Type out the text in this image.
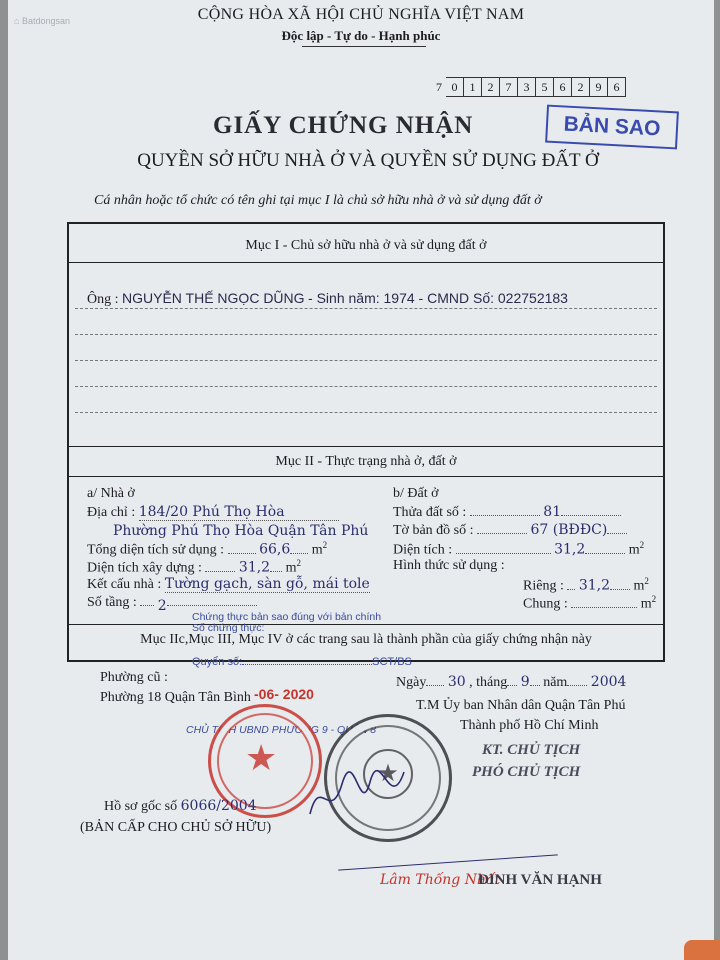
⌂ Batdongsan	CỘNG HÒA XÃ HỘI CHỦ NGHĨA VIỆT NAM
Độc lập - Tự do - Hạnh phúc
7 0 1 2 7 3 5 6 2 9 6
GIẤY CHỨNG NHẬN	BẢN SAO
QUYỀN SỞ HỮU NHÀ Ở VÀ QUYỀN SỬ DỤNG ĐẤT Ở
Cá nhân hoặc tổ chức có tên ghi tại mục I là chủ sở hữu nhà ở và sử dụng đất ở
Mục I - Chủ sở hữu nhà ở và sử dụng đất ở
Ông : NGUYỄN THẾ NGỌC DŨNG - Sinh năm: 1974 - CMND Số: 022752183
Mục II - Thực trạng nhà ở, đất ở
a/ Nhà ở
Địa chỉ : 184/20 Phú Thọ Hòa
Phường Phú Thọ Hòa Quận Tân Phú
Tổng diện tích sử dụng :  66,6 $m^2$
Diện tích xây dựng :  31,2 $m^2$
Kết cấu nhà : Tường gạch, sàn gỗ, mái tole
Số tầng :  2
b/ Đất ở
Thửa đất số :	81
Tờ bản đồ số :	67 (BĐĐC)
Diện tích :	31,2	$m^2$
Hình thức sử dụng :
Riêng :  31,2 $m^2$
Chung :	$m^2$
Mục IIc,Mục III, Mục IV ở các trang sau là thành phần của giấy chứng nhận này
Chứng thực bản sao đúng với bản chính
Số chứng thực:
Quyển số:	SCT/BS
Phường cũ :
Phường 18 Quận Tân Bình -06- 2020
CHỦ TỊCH UBND PHƯỜNG 9 - QUẬN 8
Ngày 30 , tháng 9 năm 2004
T.M Ủy ban Nhân dân Quận Tân Phú
Thành phố Hồ Chí Minh
KT. CHỦ TỊCH
PHÓ CHỦ TỊCH
★	★
Hồ sơ gốc số 6066/2004
(BẢN CẤP CHO CHỦ SỞ HỮU)
Lâm Thống Nhất
ĐINH VĂN HẠNH
